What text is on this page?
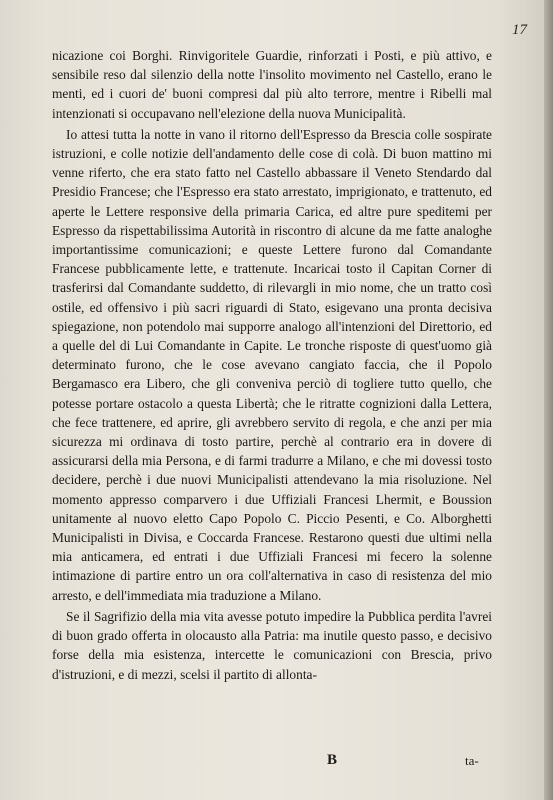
17

nicazione coi Borghi. Rinvigoritele Guardie, rinforzati i Posti, e più attivo, e sensibile reso dal silenzio della notte l'insolito movimento nel Castello, erano le menti, ed i cuori de' buoni compresi dal più alto terrore, mentre i Ribelli mal intenzionati si occupavano nell'elezione della nuova Municipalità.

Io attesi tutta la notte in vano il ritorno dell'Espresso da Brescia colle sospirate istruzioni, e colle notizie dell'andamento delle cose di colà. Di buon mattino mi venne riferto, che era stato fatto nel Castello abbassare il Veneto Stendardo dal Presidio Francese; che l'Espresso era stato arrestato, imprigionato, e trattenuto, ed aperte le Lettere responsive della primaria Carica, ed altre pure speditemi per Espresso da rispettabilissima Autorità in riscontro di alcune da me fatte analoghe importantissime comunicazioni; e queste Lettere furono dal Comandante Francese pubblicamente lette, e trattenute. Incaricai tosto il Capitan Corner di trasferirsi dal Comandante suddetto, di rilevargli in mio nome, che un tratto così ostile, ed offensivo i più sacri riguardi di Stato, esigevano una pronta decisiva spiegazione, non potendolo mai supporre analogo all'intenzioni del Direttorio, ed a quelle del di Lui Comandante in Capite. Le tronche risposte di quest'uomo già determinato furono, che le cose avevano cangiato faccia, che il Popolo Bergamasco era Libero, che gli conveniva perciò di togliere tutto quello, che potesse portare ostacolo a questa Libertà; che le ritratte cognizioni dalla Lettera, che fece trattenere, ed aprire, gli avrebbero servito di regola, e che anzi per mia sicurezza mi ordinava di tosto partire, perchè al contrario era in dovere di assicurarsi della mia Persona, e di farmi tradurre a Milano, e che mi dovessi tosto decidere, perchè i due nuovi Municipalisti attendevano la mia risoluzione. Nel momento appresso comparvero i due Uffiziali Francesi Lhermit, e Boussion unitamente al nuovo eletto Capo Popolo C. Piccio Pesenti, e Co. Alborghetti Municipalisti in Divisa, e Coccarda Francese. Restarono questi due ultimi nella mia anticamera, ed entrati i due Uffiziali Francesi mi fecero la solenne intimazione di partire entro un ora coll'alternativa in caso di resistenza del mio arresto, e dell'immediata mia traduzione a Milano.

Se il Sagrifizio della mia vita avesse potuto impedire la Pubblica perdita l'avrei di buon grado offerta in olocausto alla Patria: ma inutile questo passo, e decisivo forse della mia esistenza, intercette le comunicazioni con Brescia, privo d'istruzioni, e di mezzi, scelsi il partito di allonta-

B	ta-
